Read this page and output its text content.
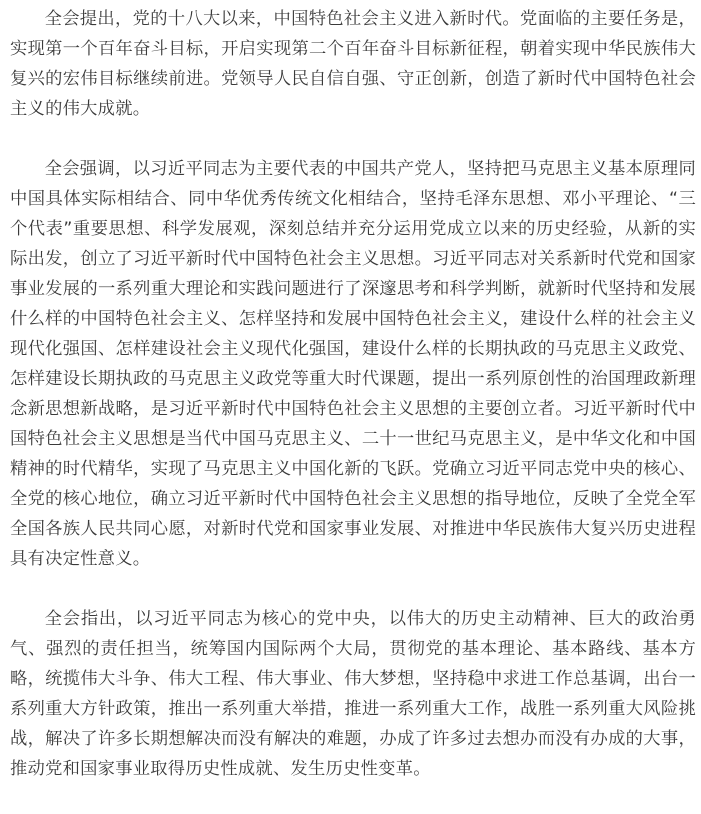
全会提出，党的十八大以来，中国特色社会主义进入新时代。党面临的主要任务是，实现第一个百年奋斗目标，开启实现第二个百年奋斗目标新征程，朝着实现中华民族伟大复兴的宏伟目标继续前进。党领导人民自信自强、守正创新，创造了新时代中国特色社会主义的伟大成就。

全会强调，以习近平同志为主要代表的中国共产党人，坚持把马克思主义基本原理同中国具体实际相结合、同中华优秀传统文化相结合，坚持毛泽东思想、邓小平理论、“三个代表”重要思想、科学发展观，深刻总结并充分运用党成立以来的历史经验，从新的实际出发，创立了习近平新时代中国特色社会主义思想。习近平同志对关系新时代党和国家事业发展的一系列重大理论和实践问题进行了深邃思考和科学判断，就新时代坚持和发展什么样的中国特色社会主义、怎样坚持和发展中国特色社会主义，建设什么样的社会主义现代化强国、怎样建设社会主义现代化强国，建设什么样的长期执政的马克思主义政党、怎样建设长期执政的马克思主义政党等重大时代课题，提出一系列原创性的治国理政新理念新思想新战略，是习近平新时代中国特色社会主义思想的主要创立者。习近平新时代中国特色社会主义思想是当代中国马克思主义、二十一世纪马克思主义，是中华文化和中国精神的时代精华，实现了马克思主义中国化新的飞跃。党确立习近平同志党中央的核心、全党的核心地位，确立习近平新时代中国特色社会主义思想的指导地位，反映了全党全军全国各族人民共同心愿，对新时代党和国家事业发展、对推进中华民族伟大复兴历史进程具有决定性意义。

全会指出，以习近平同志为核心的党中央，以伟大的历史主动精神、巨大的政治勇气、强烈的责任担当，统筹国内国际两个大局，贯彻党的基本理论、基本路线、基本方略，统揽伟大斗争、伟大工程、伟大事业、伟大梦想，坚持稳中求进工作总基调，出台一系列重大方针政策，推出一系列重大举措，推进一系列重大工作，战胜一系列重大风险挑战，解决了许多长期想解决而没有解决的难题，办成了许多过去想办而没有办成的大事，推动党和国家事业取得历史性成就、发生历史性变革。
